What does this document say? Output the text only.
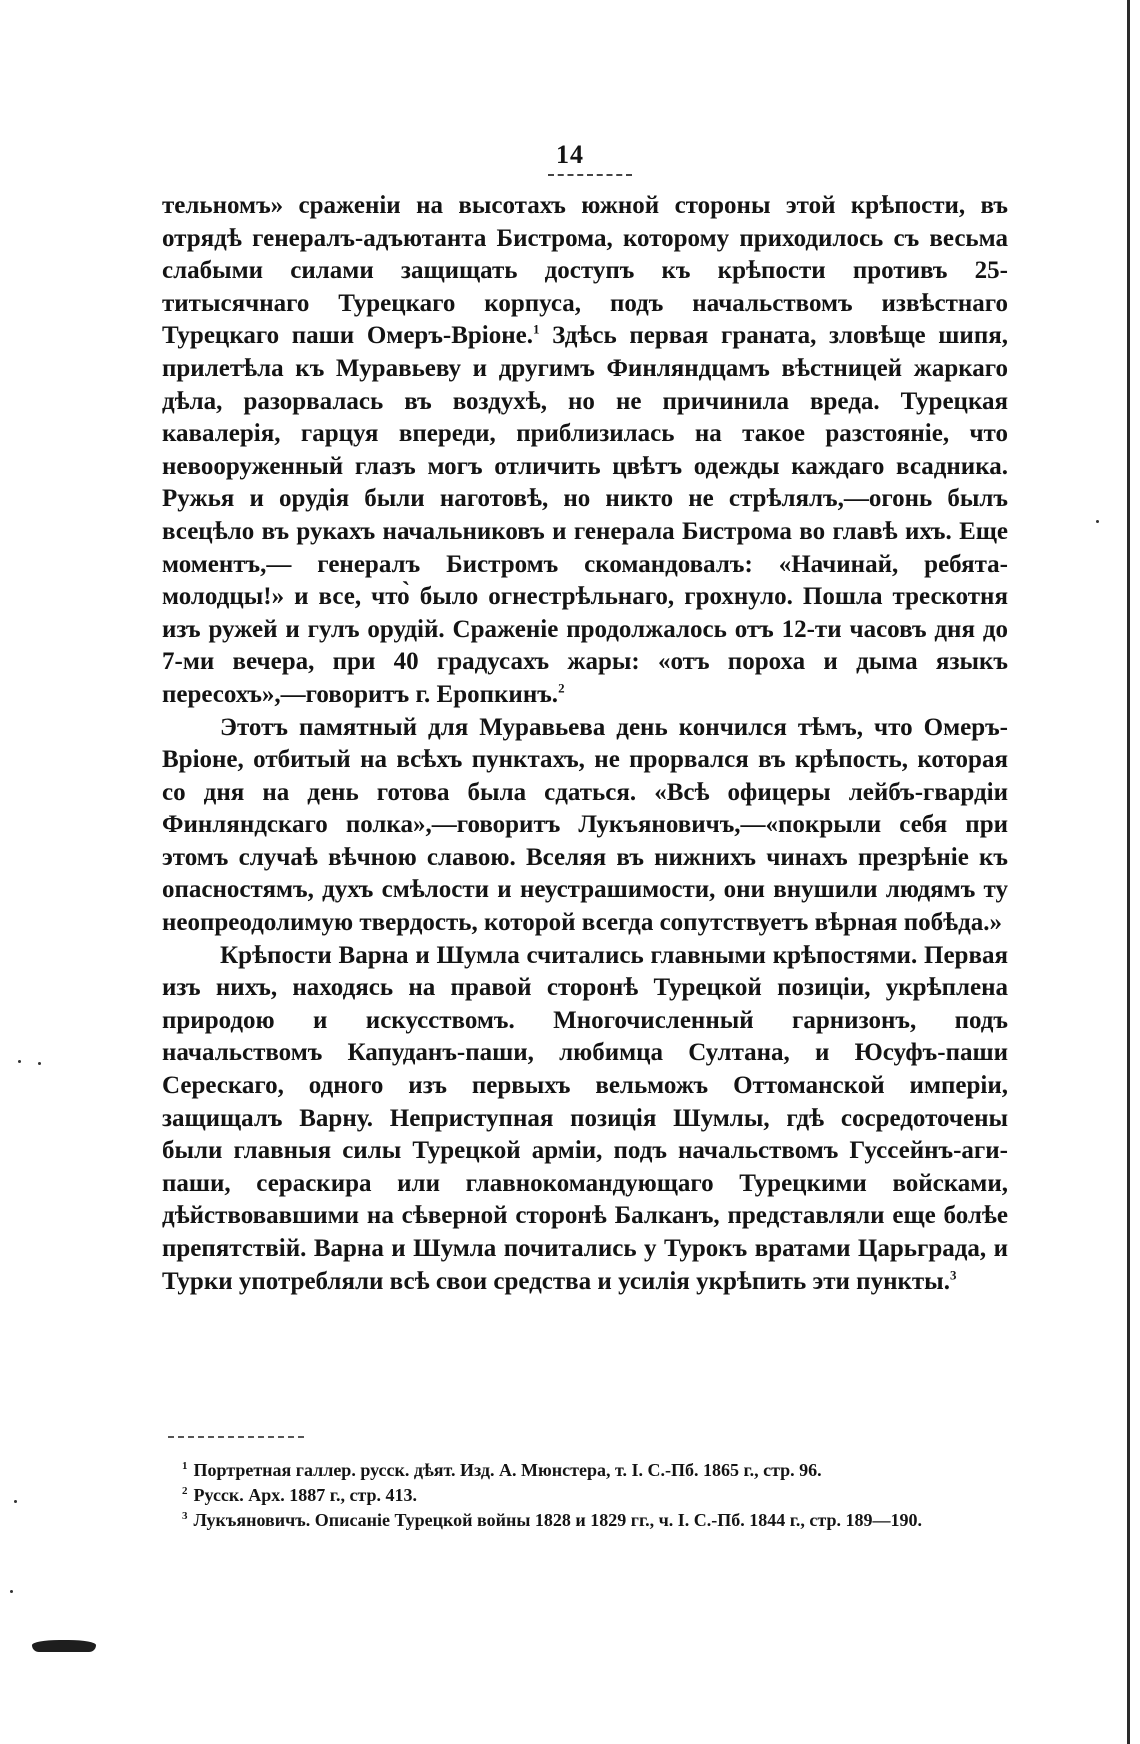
14

тельномъ» сраженіи на высотахъ южной стороны этой крѣпости, въ отрядѣ генералъ-адъютанта Бистрома, которому приходилось съ весьма слабыми силами защищать доступъ къ крѣпости противъ 25-титысячнаго Турецкаго корпуса, подъ начальствомъ извѣстнаго Турецкаго паши Омеръ-Вріоне.$^1$ Здѣсь первая граната, зловѣще шипя, прилетѣла къ Муравьеву и другимъ Финляндцамъ вѣстницей жаркаго дѣла, разорвалась въ воздухѣ, но не причинила вреда. Турецкая кавалерія, гарцуя впереди, приблизилась на такое разстояніе, что невооруженный глазъ могъ отличить цвѣтъ одежды каждаго всадника. Ружья и орудія были наготовѣ, но никто не стрѣлялъ,—огонь былъ всецѣло въ рукахъ начальниковъ и генерала Бистрома во главѣ ихъ. Еще моментъ,— генералъ Бистромъ скомандовалъ: «Начинай, ребята-молодцы!» и все, что̀ было огнестрѣльнаго, грохнуло. Пошла трескотня изъ ружей и гулъ орудій. Сраженіе продолжалось отъ 12-ти часовъ дня до 7-ми вечера, при 40 градусахъ жары: «отъ пороха и дыма языкъ пересохъ»,—говоритъ г. Еропкинъ.$^2$

Этотъ памятный для Муравьева день кончился тѣмъ, что Омеръ-Вріоне, отбитый на всѣхъ пунктахъ, не прорвался въ крѣпость, которая со дня на день готова была сдаться. «Всѣ офицеры лейбъ-гвардіи Финляндскаго полка»,—говоритъ Лукъяновичъ,—«покрыли себя при этомъ случаѣ вѣчною славою. Вселяя въ нижнихъ чинахъ презрѣніе къ опасностямъ, духъ смѣлости и неустрашимости, они внушили людямъ ту неопреодолимую твердость, которой всегда сопутствуетъ вѣрная побѣда.»

Крѣпости Варна и Шумла считались главными крѣпостями. Первая изъ нихъ, находясь на правой сторонѣ Турецкой позиціи, укрѣплена природою и искусствомъ. Многочисленный гарнизонъ, подъ начальствомъ Капуданъ-паши, любимца Султана, и Юсуфъ-паши Серескаго, одного изъ первыхъ вельможъ Оттоманской имперіи, защищалъ Варну. Неприступная позиція Шумлы, гдѣ сосредоточены были главныя силы Турецкой арміи, подъ начальствомъ Гуссейнъ-аги-паши, сераскира или главнокомандующаго Турецкими войсками, дѣйствовавшими на сѣверной сторонѣ Балканъ, представляли еще болѣе препятствій. Варна и Шумла почитались у Турокъ вратами Царьграда, и Турки употребляли всѣ свои средства и усилія укрѣпить эти пункты.$^3$

$^1$ Портретная галлер. русск. дѣят. Изд. А. Мюнстера, т. I. С.-Пб. 1865 г., стр. 96.

$^2$ Русск. Арх. 1887 г., стр. 413.

$^3$ Лукъяновичъ. Описаніе Турецкой войны 1828 и 1829 гг., ч. I. С.-Пб. 1844 г., стр. 189—190.
